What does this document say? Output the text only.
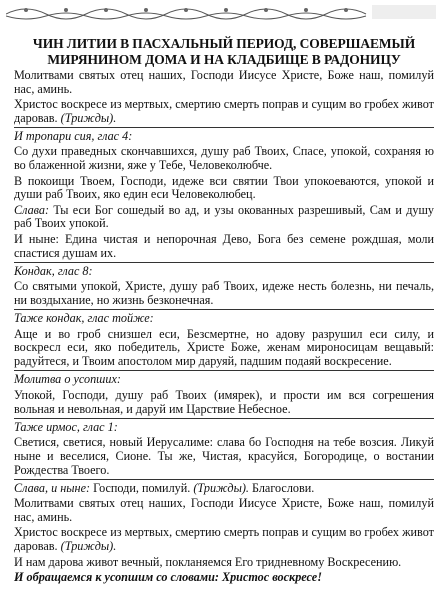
ЧИН ЛИТИИ В ПАСХАЛЬНЫЙ ПЕРИОД, СОВЕРШАЕМЫЙ МИРЯНИНОМ ДОМА И НА КЛАДБИЩЕ В РАДОНИЦУ

Молитвами святых отец наших, Господи Иисусе Христе, Боже наш, помилуй нас, аминь.

Христос воскресе из мертвых, смертию смерть поправ и сущим во гробех живот даровав. (Трижды).

И тропари сия, глас 4:

Со духи праведных скончавшихся, душу раб Твоих, Спасе, упокой, сохраняя ю во блаженной жизни, яже у Тебе, Человеколюбче.

В покоищи Твоем, Господи, идеже вси святии Твои упокоеваются, упокой и души раб Твоих, яко един еси Человеколюбец.

Слава: Ты еси Бог сошедый во ад, и узы окованных разрешивый, Сам и душу раб Твоих упокой.

И ныне: Едина чистая и непорочная Дево, Бога без семене рождшая, моли спастися душам их.

Кондак, глас 8:

Со святыми упокой, Христе, душу раб Твоих, идеже несть болезнь, ни печаль, ни воздыхание, но жизнь безконечная.

Таже кондак, глас тойже:

Аще и во гроб снизшел еси, Безсмертне, но адову разрушил еси силу, и воскресл еси, яко победитель, Христе Боже, женам мироносицам вещавый: радуйтеся, и Твоим апостолом мир даруяй, падшим подаяй воскресение.

Молитва о усопших:

Упокой, Господи, душу раб Твоих (имярек), и прости им вся согрешения вольная и невольная, и даруй им Царствие Небесное.

Таже ирмос, глас 1:

Светися, светися, новый Иерусалиме: слава бо Господня на тебе возсия. Ликуй ныне и веселися, Сионе. Ты же, Чистая, красуйся, Богородице, о востании Рождества Твоего.

Слава, и ныне: Господи, помилуй. (Трижды). Благослови.

Молитвами святых отец наших, Господи Иисусе Христе, Боже наш, помилуй нас, аминь.

Христос воскресе из мертвых, смертию смерть поправ и сущим во гробех живот даровав. (Трижды).

И нам дарова живот вечный, покланяемся Его тридневному Воскресению.

И обращаемся к усопшим со словами: Христос воскресе!
